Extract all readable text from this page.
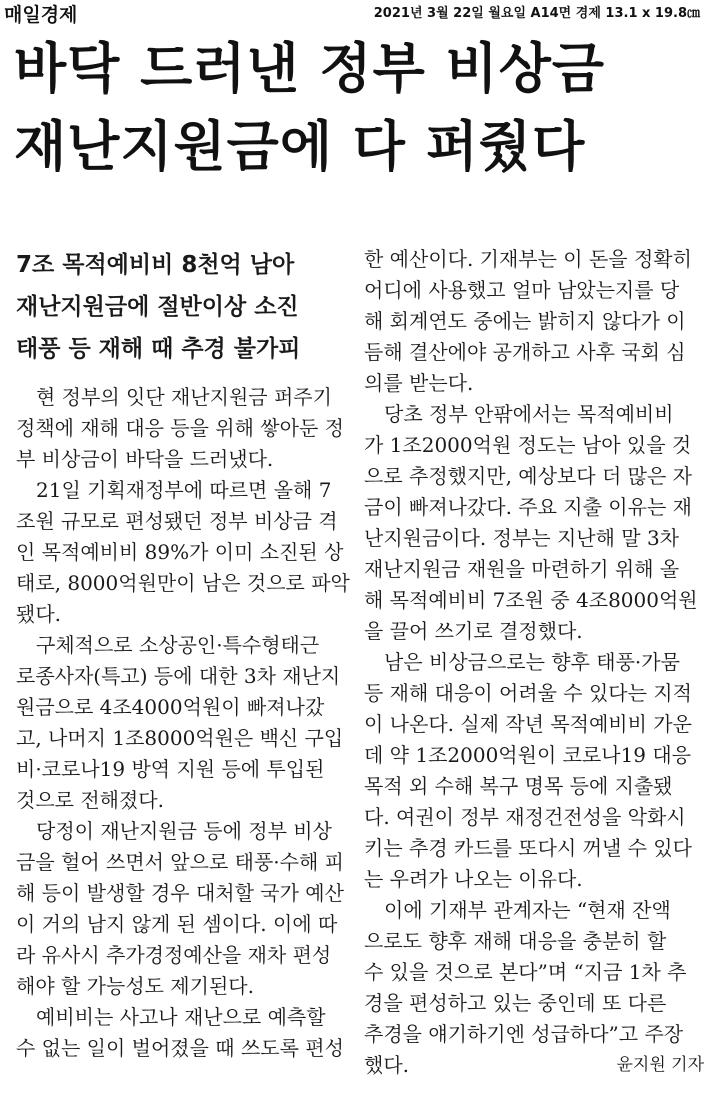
매일경제	2021년 3월 22일 월요일 A14면 경제 13.1 x 19.8㎝
바닥 드러낸 정부 비상금
재난지원금에 다 퍼줬다
7조 목적예비비 8천억 남아
재난지원금에 절반이상 소진
태풍 등 재해 때 추경 불가피
현 정부의 잇단 재난지원금 퍼주기
정책에 재해 대응 등을 위해 쌓아둔 정
부 비상금이 바닥을 드러냈다.
21일 기획재정부에 따르면 올해 7
조원 규모로 편성됐던 정부 비상금 격
인 목적예비비 89%가 이미 소진된 상
태로, 8000억원만이 남은 것으로 파악
됐다.
구체적으로 소상공인·특수형태근
로종사자(특고) 등에 대한 3차 재난지
원금으로 4조4000억원이 빠져나갔
고, 나머지 1조8000억원은 백신 구입
비·코로나19 방역 지원 등에 투입된
것으로 전해졌다.
당정이 재난지원금 등에 정부 비상
금을 헐어 쓰면서 앞으로 태풍·수해 피
해 등이 발생할 경우 대처할 국가 예산
이 거의 남지 않게 된 셈이다. 이에 따
라 유사시 추가경정예산을 재차 편성
해야 할 가능성도 제기된다.
예비비는 사고나 재난으로 예측할
수 없는 일이 벌어졌을 때 쓰도록 편성
한 예산이다. 기재부는 이 돈을 정확히
어디에 사용했고 얼마 남았는지를 당
해 회계연도 중에는 밝히지 않다가 이
듬해 결산에야 공개하고 사후 국회 심
의를 받는다.
당초 정부 안팎에서는 목적예비비
가 1조2000억원 정도는 남아 있을 것
으로 추정했지만, 예상보다 더 많은 자
금이 빠져나갔다. 주요 지출 이유는 재
난지원금이다. 정부는 지난해 말 3차
재난지원금 재원을 마련하기 위해 올
해 목적예비비 7조원 중 4조8000억원
을 끌어 쓰기로 결정했다.
남은 비상금으로는 향후 태풍·가뭄
등 재해 대응이 어려울 수 있다는 지적
이 나온다. 실제 작년 목적예비비 가운
데 약 1조2000억원이 코로나19 대응
목적 외 수해 복구 명목 등에 지출됐
다. 여권이 정부 재정건전성을 악화시
키는 추경 카드를 또다시 꺼낼 수 있다
는 우려가 나오는 이유다.
이에 기재부 관계자는 “현재 잔액
으로도 향후 재해 대응을 충분히 할
수 있을 것으로 본다”며 “지금 1차 추
경을 편성하고 있는 중인데 또 다른
추경을 얘기하기엔 성급하다”고 주장
했다.	윤지원 기자
